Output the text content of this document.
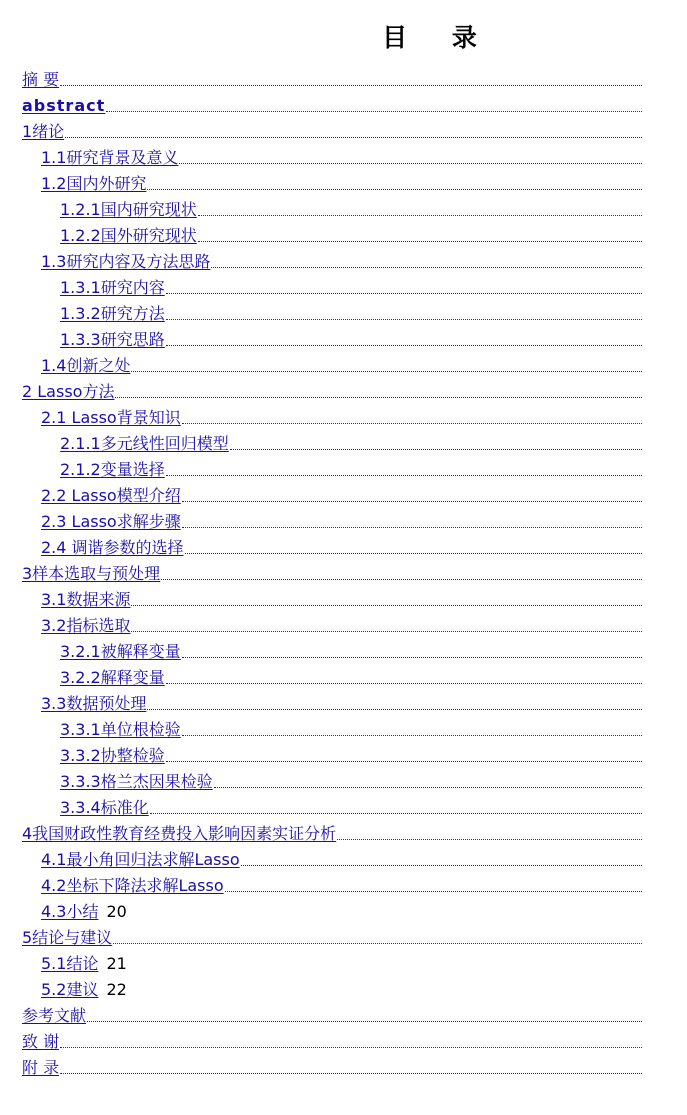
目 录
摘 要
abstract
1绪论
1.1研究背景及意义
1.2国内外研究
1.2.1国内研究现状
1.2.2国外研究现状
1.3研究内容及方法思路
1.3.1研究内容
1.3.2研究方法
1.3.3研究思路
1.4创新之处
2 Lasso方法
2.1 Lasso背景知识
2.1.1多元线性回归模型
2.1.2变量选择
2.2 Lasso模型介绍
2.3 Lasso求解步骤
2.4 调谐参数的选择
3样本选取与预处理
3.1数据来源
3.2指标选取
3.2.1被解释变量
3.2.2解释变量
3.3数据预处理
3.3.1单位根检验
3.3.2协整检验
3.3.3格兰杰因果检验
3.3.4标准化
4我国财政性教育经费投入影响因素实证分析
4.1最小角回归法求解Lasso
4.2坐标下降法求解Lasso
4.3小结 20
5结论与建议
5.1结论 21
5.2建议 22
参考文献
致 谢
附 录
